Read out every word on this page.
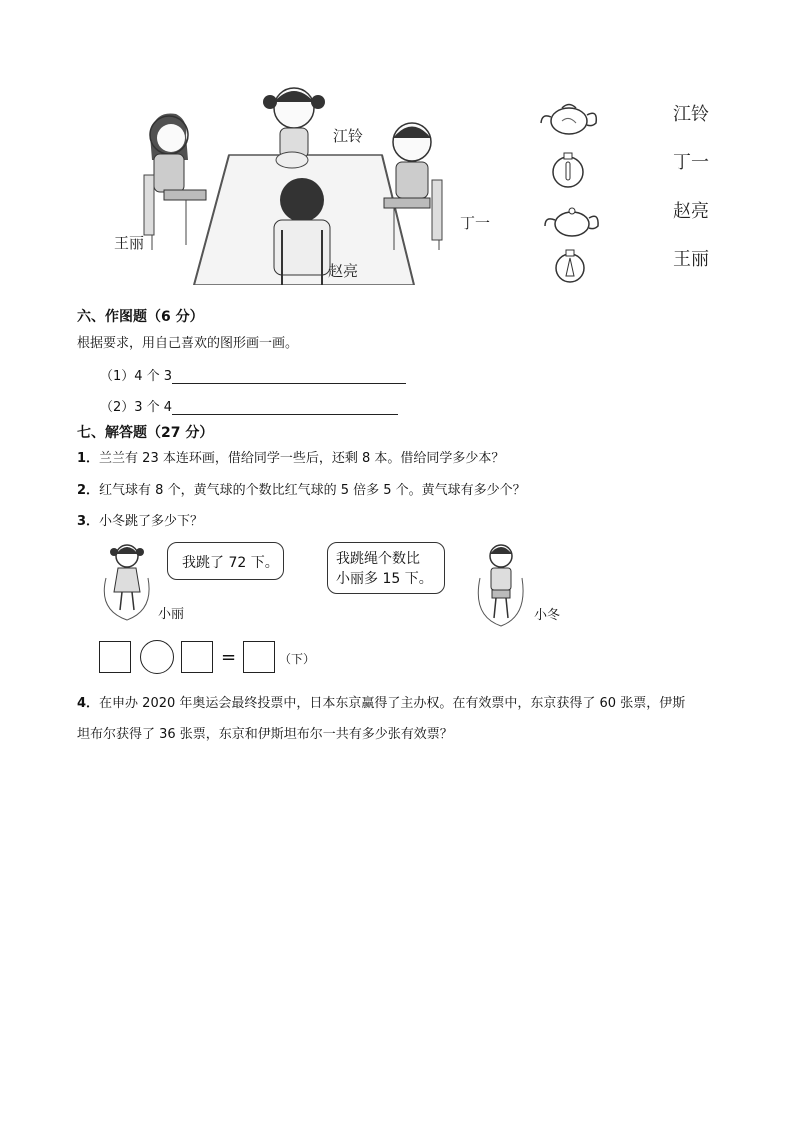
江铃
王丽
丁一
赵亮
江铃
丁一
赵亮
王丽
六、作图题（6 分）
根据要求，用自己喜欢的图形画一画。
（1）4 个 3
（2）3 个 4
七、解答题（27 分）
1．兰兰有 23 本连环画，借给同学一些后，还剩 8 本。借给同学多少本？
2．红气球有 8 个，黄气球的个数比红气球的 5 倍多 5 个。黄气球有多少个？
3．小冬跳了多少下？
我跳了 72 下。
小丽
我跳绳个数比
小丽多 15 下。
小冬
=	（下）
4．在申办 2020 年奥运会最终投票中，日本东京赢得了主办权。在有效票中，东京获得了 60 张票，伊斯
坦布尔获得了 36 张票，东京和伊斯坦布尔一共有多少张有效票？
